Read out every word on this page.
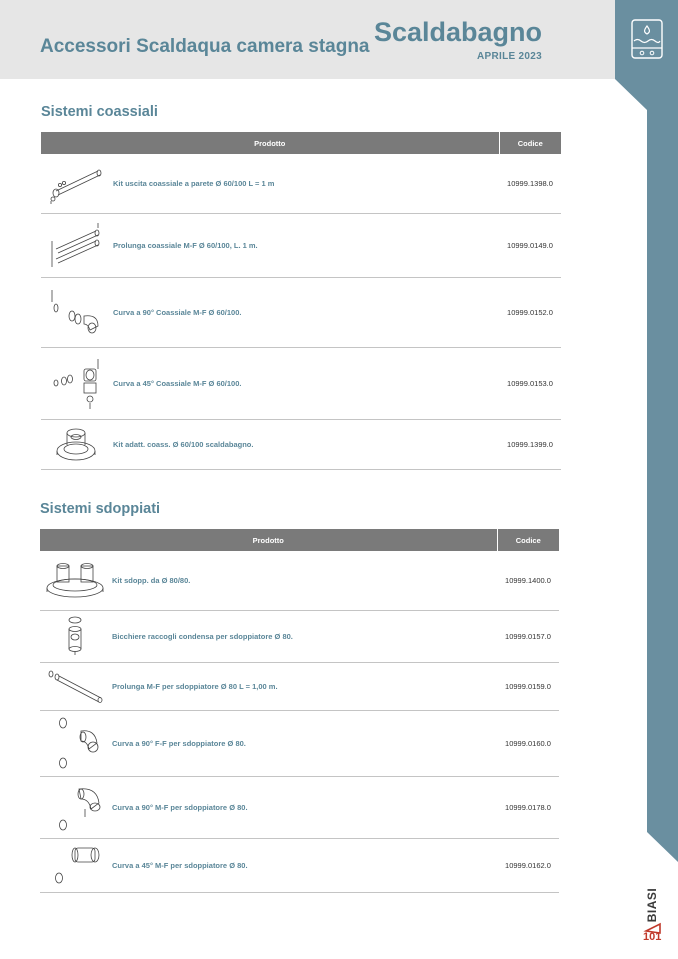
Accessori Scaldaqua camera stagna Scaldabagno
APRILE 2023
Sistemi coassiali
Prodotto		Codice

	Kit uscita coassiale a parete Ø 60/100 L = 1 m	10999.1398.0

	Prolunga coassiale M-F Ø 60/100, L. 1 m.	10999.0149.0

	Curva a 90° Coassiale M-F Ø 60/100.	10999.0152.0

	Curva a 45° Coassiale M-F Ø 60/100.	10999.0153.0

	Kit adatt. coass. Ø 60/100 scaldabagno.	10999.1399.0
Sistemi sdoppiati
Prodotto		Codice

	Kit sdopp. da Ø 80/80.	10999.1400.0

	Bicchiere raccogli condensa per sdoppiatore Ø 80.	10999.0157.0

	Prolunga M-F per sdoppiatore Ø 80 L = 1,00 m.	10999.0159.0

	Curva a 90° F-F per sdoppiatore Ø 80.	10999.0160.0

	Curva a 90° M-F per sdoppiatore Ø 80.	10999.0178.0

	Curva a 45° M-F per sdoppiatore Ø 80.	10999.0162.0
BIASI
101
